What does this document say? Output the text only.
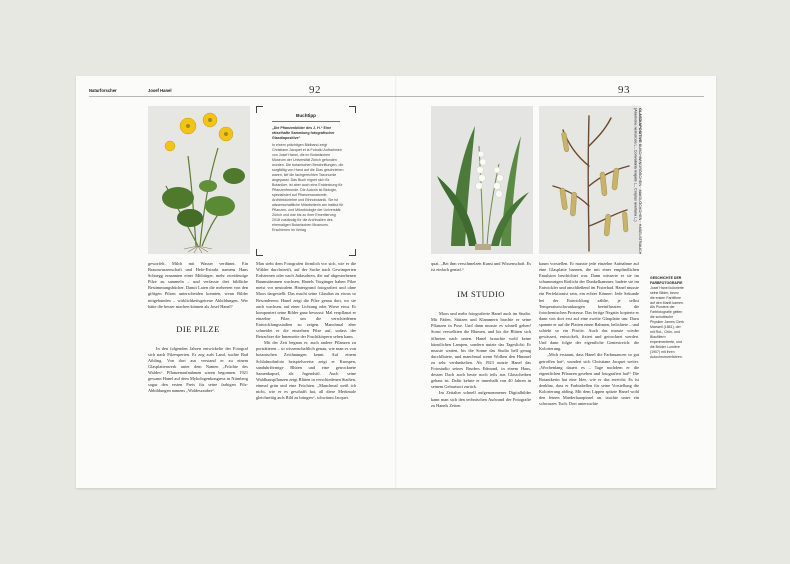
Naturforscher	Josef Hanel	92
Buchtipp
„Die Pflanzenbilder des J. H.“ Eine rätselhafte Sammlung fotografischer Glasdiapositive“
In einem prächtigen Bildband zeigt Christiane Jacquet et la Fotodiu Aufnahmen von Josef Hanel, die im Botanischen Museum der Universität Zürich gefunden wurden. Die botanischen Beschriftungen, die sorgfältig von Hand auf die Dias geschrieben waren, lief die fachgerechten Taxonomie angepasst. Das Buch eignet sich für Botaniker, ist aber auch eine Entdeckung für Pflanzenfreunde. Die Autorin ist Biologin, spezialisiert auf Pflanzenanatomie, Architekturlehre und Ethnobotanik. Sie ist wissenschaftliche Mitarbeiterin am Institut für Pflanzen- und Mikrobiologie der Universität Zürich und war bis zu ihrer Emeritierung 2018 zuständig für die Archivalien des ehemaligen Botanischen Museums. Erschienen im Verlag

geworfelt. Milch mit Wasser verdünnt. Ein Braunwurzenschaft und Hefe-Extrakt namens Hans Schnegg ernannten einer Mitbürger, mehr zweideutige Pilze zu sammeln – und verfasste drei bildliche Bestimmungsbücher. Damit Laien die mehreren von den giftigen Pilzen unterscheiden konnten, wenn Bilder mitgebunden – wirklichkeitsgetreue Abbildungen. Wer hätte die besser machen können als Josef Hanel?

DIE PILZE

In den folgenden Jahren entwickelte der Fotograf sich nach Pilzexperten. Er zog aufs Land, suchte Bad Aibling. Von dort aus verstand er zu einem Glasplattenwerk unter dem Namen „Früchte des Waldes“. Pflanzenaufnahmen waren begonnen. 1921 gewann Hanel auf dem Mykologenkongress in Nürnberg sogar den ersten Preis für seine farbigen Pilz-Abbildungen namens „Waldeszauber“.

Man sieht dem Fotografen förmlich vor sich, wie er die Wälder durchstreift, auf der Suche nach Gewimperten Erdsternen oder nach Judasohren, die auf abgestorbenen Baumstämmen wachsen. Hanels Vorgänger haben Pilze meist vor neutralem Hintergrund fotografiert und ohne Moos dargestellt. Das macht seine Glasdias zu etwas so Besonderem: Hanel zeigt die Pilze genau dort, wo sie auch wachsen, auf einer Lichtung oder Wiese etwa. Er komponiert seine Bilder ganz bewusst: Mal verpflanzt er einzelne Pilze, um die verschiedenen Entwicklungsstadien zu zeigen. Manchmal aber schneidet er die einzelnen Pilze auf, sodass der Betrachter die Innenseite der Fruchtkörpern sehen kann.

Mit der Zeit begann er, auch andere Pflanzen zu porträtieren – so wissenschaftlich genau, wie man es von botanischen Zeichnungen kennt. Auf einem Schlafmohnfoto beispielsweise zeigt er Knospen, sanduhrförmige Blüten und eine getrocknete Samenkapsel, als Jugendstil. Auch seine Waldhauspflanzen zeigt Blüten in verschiedenen Stadien, einmal grün und eine Früchten. „Manchmal weiß ich nicht, wie er es geschafft hat, all diese Merkmale gleichzeitig aufs Bild zu bringen“, schwärmt Jacquet.

93

quat. „Bei ihm verschmelzen Kunst und Wissenschaft. Es ist einfach genial.“

IM STUDIO

Moos und mehr fotografierte Hanel auch im Studio. Mit Fäden, Stützen und Klammern brachte er seine Pflanzen in Pose. Und dann musste es schnell gehen! Sonst verwelkten die Blumen, und bis die Blüten sich öffneten nach unten. Hanel brauchte wohl keine künstlichen Lampen, sondern nutzte das Tageslicht: Er musste warten, bis die Sonne das Studio hell genug durchflutete, und manchmal wenn Wolken den Himmel zu sehr verdunkelten. Ab 1923 nutzte Hanel das Fotostudio seines Bruders Edmond, in einem Haus, dessen Dach auch heute noch teils aus Glasscheiben gebaut ist. Dafür kehrte er innerhalb von 40 Jahren in seinem Geburtsort zurück.

Im Zeitalter schnell aufgenommener Digitalbilder kann man sich den technischen Aufwand der Fotografie zu Hanels Zeiten

kaum vorstellen. Er musste jede einzelne Aufnahme auf eine Glasplatte bannen, die mit einer empfindlichen Emulsion beschichtet war. Dann wässerte er sie im schummrigen Rotlicht der Dunkelkammer, badete sie im Entwickler und anschließend im Fixierbad. Hanel musste ein Perfektionist sein, ein echter Könner: Jede Sekunde bei der Entwicklung zählte, je selbst Temperaturschwankungen beeinflussten die fotochemischen Prozesse. Das fertige Negativ kopierte er dann von dort erst auf eine zweite Glasplatte um: Dazu spannte er auf die Platten einen Rahmen, belichtete – und schiebt so ein Positiv. Auch das musste wieder gewässert, entwickelt, fixiert und getrocknet werden. Und dann folgte der eigentliche Geniestreich: die Kolorierung.

„Mich erstaunt, dass Hanel die Farbnuancen so gut getroffen hat“, wundert sich Christiane Jacquet weiter. „Wochenlang dauert es – Tage nachdem er die eigentlichen Pflanzen gesehen und fotografiert hat!“ Die Botanikerin hat eine Idee, wie er das erreicht: Es ist denkbar, dass er Farbtabellen für seine Vorstellung die Kolorierung abfing. Mit dem Lippen spitzte Hanel wohl den feinen Marderhaarpinsel an, tauchte unter ein schwarzes Tuch. Dort untersuchte

GLASDIAPOSITIVE BUSCHWINDRÖSCHEN · MAIGLÖCKCHEN · HASELSTRAUCH (Anemone nemorosa L., Convallaria majalis L., Corylus avellana L.)
GESCHICHTE DER FARBFOTOGRAFIE
Josef Hanel kolorierte seine Bilder, bevor die ersten Farbfilme auf den Markt kamen. Als Pioniere der Farbfotografie gelten die schottische Physiker James Clerk Maxwell (1861), der mit Rot-, Grün- und Blaufiltern experimentierte, und die Brüder Lumière (1907) mit ihren Autochromverfahren.
